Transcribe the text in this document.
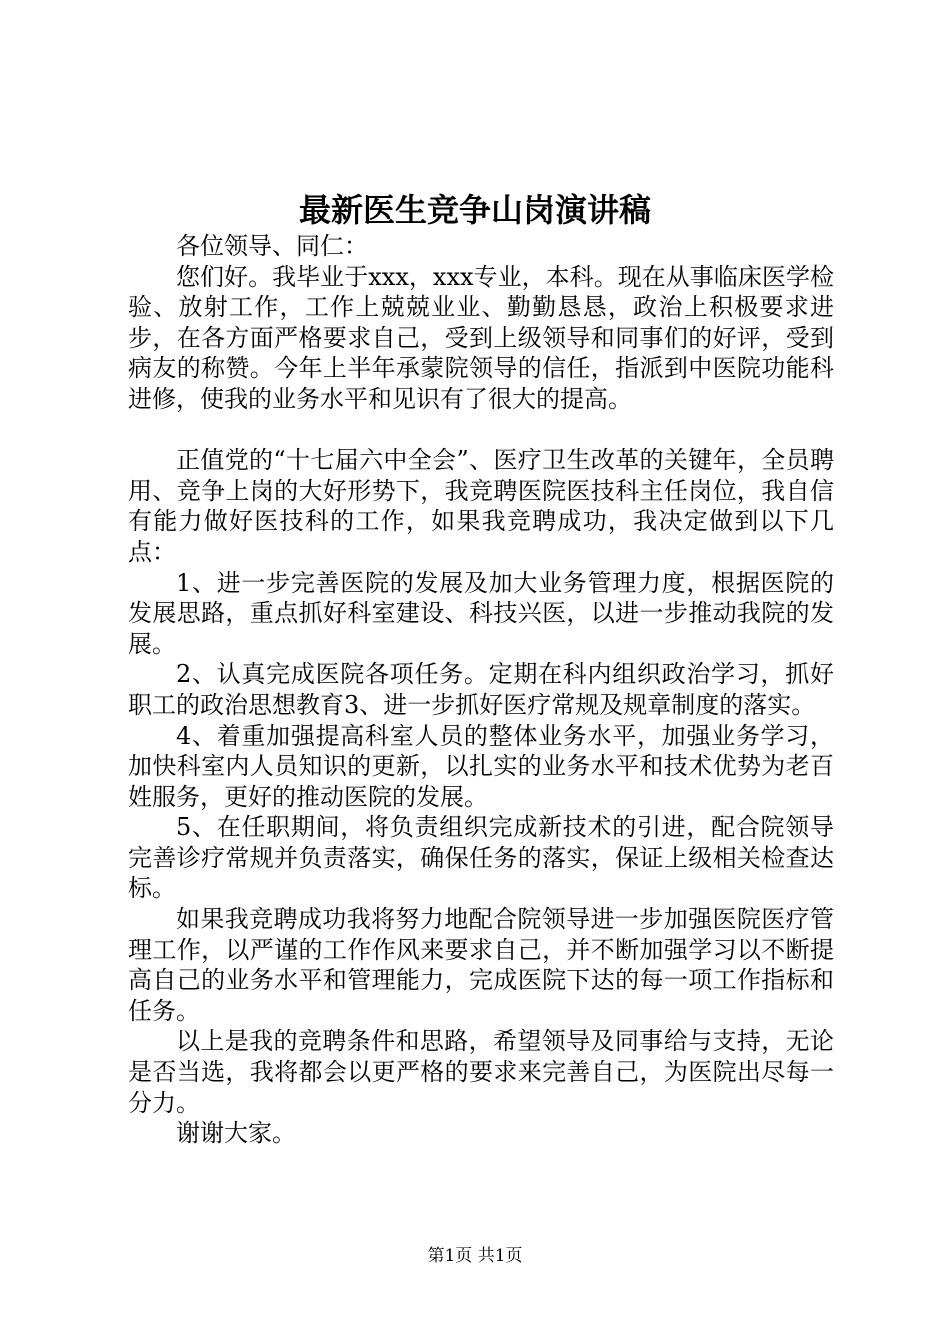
最新医生竞争山岗演讲稿

各位领导、同仁：

您们好。我毕业于xxx，xxx专业，本科。现在从事临床医学检验、放射工作，工作上兢兢业业、勤勤恳恳，政治上积极要求进步，在各方面严格要求自己，受到上级领导和同事们的好评，受到病友的称赞。今年上半年承蒙院领导的信任，指派到中医院功能科进修，使我的业务水平和见识有了很大的提高。

正值党的“十七届六中全会”、医疗卫生改革的关键年，全员聘用、竞争上岗的大好形势下，我竞聘医院医技科主任岗位，我自信有能力做好医技科的工作，如果我竞聘成功，我决定做到以下几点：

1、进一步完善医院的发展及加大业务管理力度，根据医院的发展思路，重点抓好科室建设、科技兴医，以进一步推动我院的发展。

2、认真完成医院各项任务。定期在科内组织政治学习，抓好职工的政治思想教育3、进一步抓好医疗常规及规章制度的落实。

4、着重加强提高科室人员的整体业务水平，加强业务学习，加快科室内人员知识的更新，以扎实的业务水平和技术优势为老百姓服务，更好的推动医院的发展。

5、在任职期间，将负责组织完成新技术的引进，配合院领导完善诊疗常规并负责落实，确保任务的落实，保证上级相关检查达标。

如果我竞聘成功我将努力地配合院领导进一步加强医院医疗管理工作，以严谨的工作作风来要求自己，并不断加强学习以不断提高自己的业务水平和管理能力，完成医院下达的每一项工作指标和任务。

以上是我的竞聘条件和思路，希望领导及同事给与支持，无论是否当选，我将都会以更严格的要求来完善自己，为医院出尽每一分力。

谢谢大家。

第1页 共1页
